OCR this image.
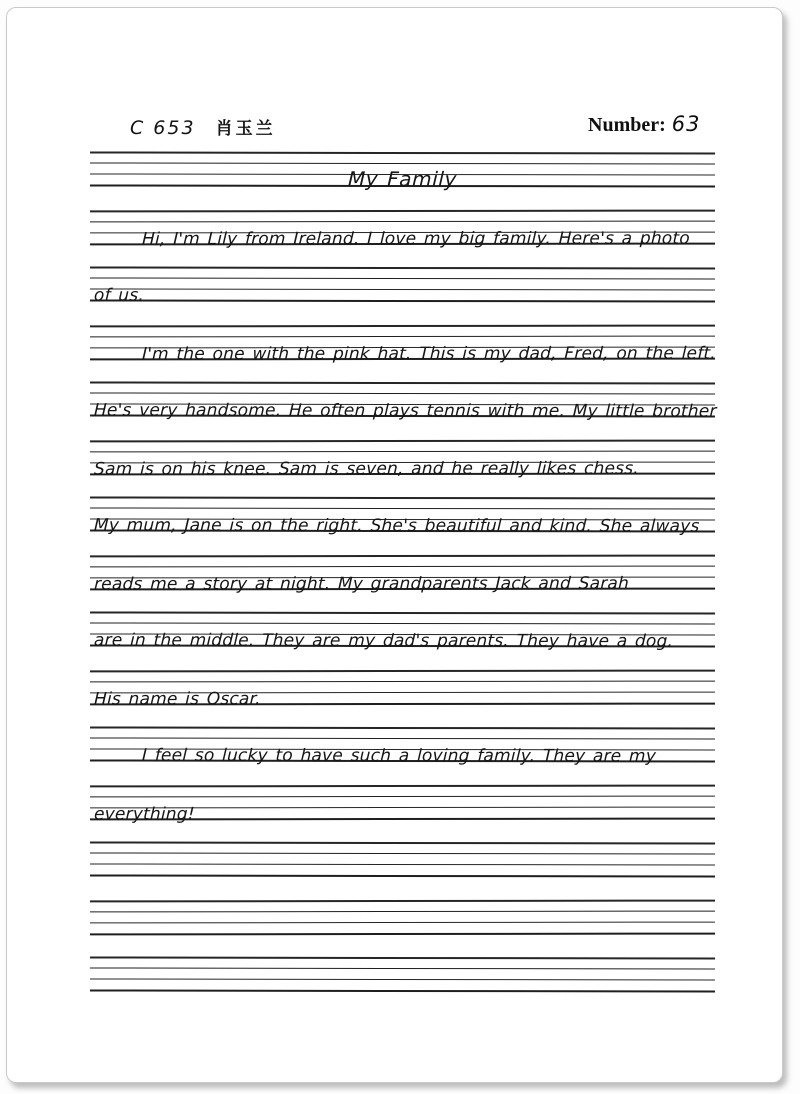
C 653 肖玉兰	Number: 63
My Family
Hi, I'm Lily from Ireland. I love my big family. Here's a photo
of us.
I'm the one with the pink hat. This is my dad, Fred, on the left.
He's very handsome. He often plays tennis with me. My little brother
Sam is on his knee. Sam is seven, and he really likes chess.
My mum, Jane is on the right. She's beautiful and kind. She always
reads me a story at night. My grandparents Jack and Sarah
are in the middle. They are my dad's parents. They have a dog.
His name is Oscar.
I feel so lucky to have such a loving family. They are my
everything!
